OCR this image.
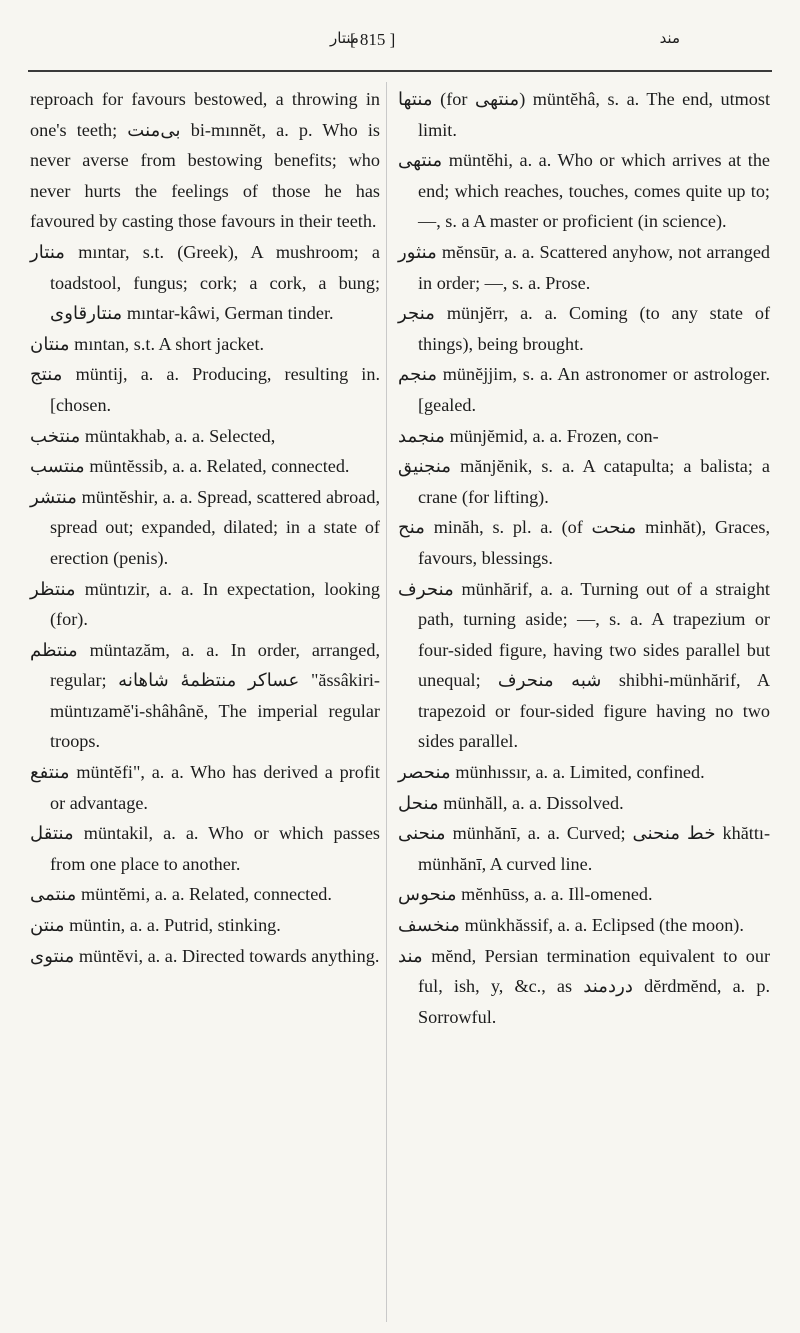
منتار	مند
[ 815 ]

reproach for favours bestowed, a throwing in one's teeth; بی‌منت bi-mınnĕt, a. p. Who is never averse from bestowing benefits; who never hurts the feelings of those he has favoured by casting those favours in their teeth.

منتار mıntar, s.t. (Greek), A mushroom; a toadstool, fungus; cork; a cork, a bung; منتار‌قاوی mıntar-kâwi, German tinder.

منتان mıntan, s.t. A short jacket.

منتج müntij, a. a. Producing, resulting in. [chosen.

منتخب müntakhab, a. a. Selected,

منتسب müntĕssib, a. a. Related, connected.

منتشر müntĕshir, a. a. Spread, scattered abroad, spread out; expanded, dilated; in a state of erection (penis).

منتظر müntızir, a. a. In expectation, looking (for).

منتظم müntazăm, a. a. In order, arranged, regular; عساکر منتظمهٔ شاهانه "ăssâkiri-müntızamĕ'i-shâhânĕ, The imperial regular troops.

منتفع müntĕfi", a. a. Who has derived a profit or advantage.

منتقل müntakil, a. a. Who or which passes from one place to another.

منتمی müntĕmi, a. a. Related, connected.

منتن müntin, a. a. Putrid, stinking.

منتوی müntĕvi, a. a. Directed towards anything.

منتها (for منتهی) müntĕhâ, s. a. The end, utmost limit.

منتهی müntĕhi, a. a. Who or which arrives at the end; which reaches, touches, comes quite up to; —, s. a A master or proficient (in science).

منثور mĕnsūr, a. a. Scattered anyhow, not arranged in order; —, s. a. Prose.

منجر münjĕrr, a. a. Coming (to any state of things), being brought.

منجم münĕjjim, s. a. An astronomer or astrologer. [gealed.

منجمد münjĕmid, a. a. Frozen, con-

منجنیق mănjĕnik, s. a. A catapulta; a balista; a crane (for lifting).

منح minăh, s. pl. a. (of منحت minhăt), Graces, favours, blessings.

منحرف münhărif, a. a. Turning out of a straight path, turning aside; —, s. a. A trapezium or four-sided figure, having two sides parallel but unequal; شبه منحرف shibhi-münhărif, A trapezoid or four-sided figure having no two sides parallel.

منحصر münhıssır, a. a. Limited, confined.

منحل münhăll, a. a. Dissolved.

منحنی münhănī, a. a. Curved; خط منحنی khăttı-münhănī, A curved line.

منحوس mĕnhūss, a. a. Ill-omened.

منخسف münkhăssif, a. a. Eclipsed (the moon).

مند mĕnd, Persian termination equivalent to our ful, ish, y, &c., as دردمند dĕrdmĕnd, a. p. Sorrowful.
